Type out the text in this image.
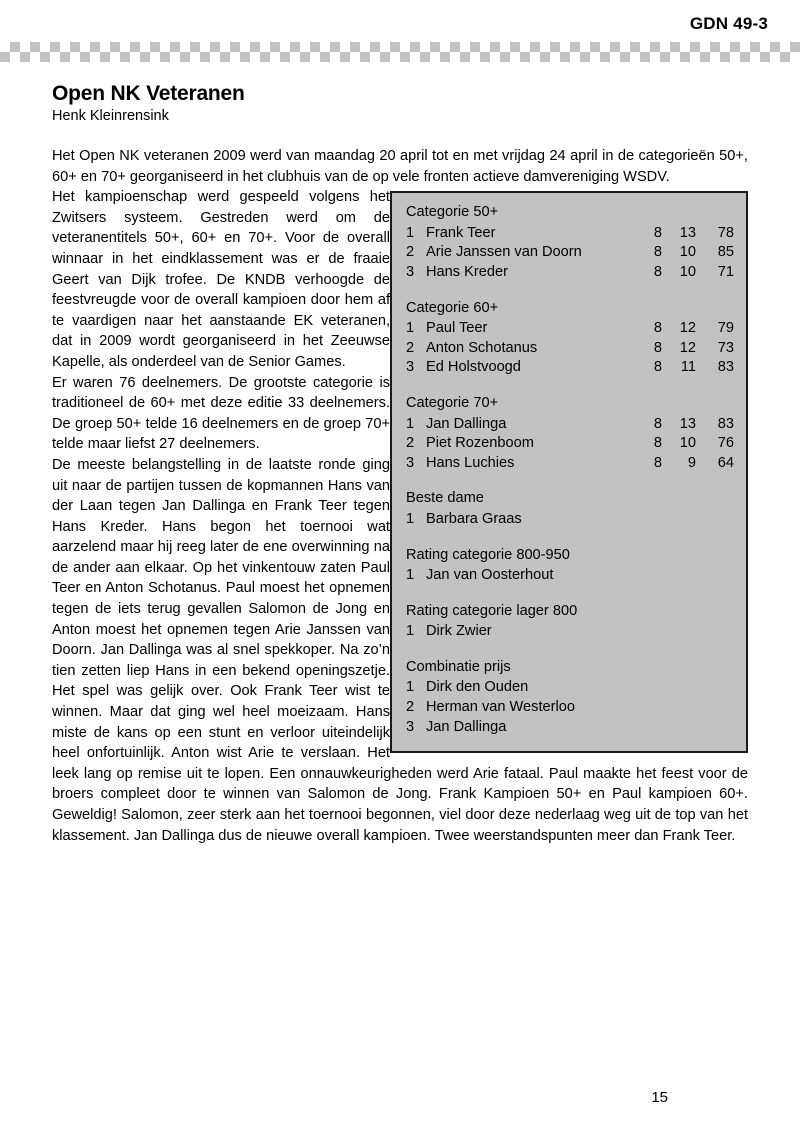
GDN 49-3
Open NK Veteranen
Henk Kleinrensink

Het Open NK veteranen 2009 werd van maandag 20 april tot en met vrijdag 24 april in de categorieën 50+, 60+ en 70+ georganiseerd in het clubhuis van de op vele fronten actieve damvereniging WSDV.

Categorie 50+
1 Frank Teer	8	13	78
2 Arie Janssen van Doorn	8	10	85
3 Hans Kreder	8	10	71
Categorie 60+
1 Paul Teer	8	12	79
2 Anton Schotanus	8	12	73
3 Ed Holstvoogd	8	11	83
Categorie 70+
1 Jan Dallinga	8	13	83
2 Piet Rozenboom	8	10	76
3 Hans Luchies	8	9	64
Beste dame
1 Barbara Graas
Rating categorie 800-950
1 Jan van Oosterhout
Rating categorie lager 800
1 Dirk Zwier
Combinatie prijs
1 Dirk den Ouden
2 Herman van Westerloo
3 Jan Dallinga

Het kampioenschap werd gespeeld volgens het Zwitsers systeem. Gestreden werd om de veteranentitels 50+, 60+ en 70+. Voor de overall winnaar in het eindklassement was er de fraaie Geert van Dijk trofee. De KNDB verhoogde de feestvreugde voor de overall kampioen door hem af te vaardigen naar het aanstaande EK veteranen, dat in 2009 wordt georganiseerd in het Zeeuwse Kapelle, als onderdeel van de Senior Games.

Er waren 76 deelnemers. De grootste categorie is traditioneel de 60+ met deze editie 33 deelnemers. De groep 50+ telde 16 deelnemers en de groep 70+ telde maar liefst 27 deelnemers.

De meeste belangstelling in de laatste ronde ging uit naar de partijen tussen de kopmannen Hans van der Laan tegen Jan Dallinga en Frank Teer tegen Hans Kreder. Hans begon het toernooi wat aarzelend maar hij reeg later de ene overwinning na de ander aan elkaar. Op het vinkentouw zaten Paul Teer en Anton Schotanus. Paul moest het opnemen tegen de iets terug gevallen Salomon de Jong en Anton moest het opnemen tegen Arie Janssen van Doorn. Jan Dallinga was al snel spekkoper. Na zo’n tien zetten liep Hans in een bekend openingszetje. Het spel was gelijk over. Ook Frank Teer wist te winnen. Maar dat ging wel heel moeizaam. Hans miste de kans op een stunt en verloor uiteindelijk heel onfortuinlijk. Anton wist Arie te verslaan. Het leek lang op remise uit te lopen. Een onnauwkeurigheden werd Arie fataal. Paul maakte het feest voor de broers compleet door te winnen van Salomon de Jong. Frank Kampioen 50+ en Paul kampioen 60+. Geweldig! Salomon, zeer sterk aan het toernooi begonnen, viel door deze nederlaag weg uit de top van het klassement. Jan Dallinga dus de nieuwe overall kampioen. Twee weerstandspunten meer dan Frank Teer.

15
